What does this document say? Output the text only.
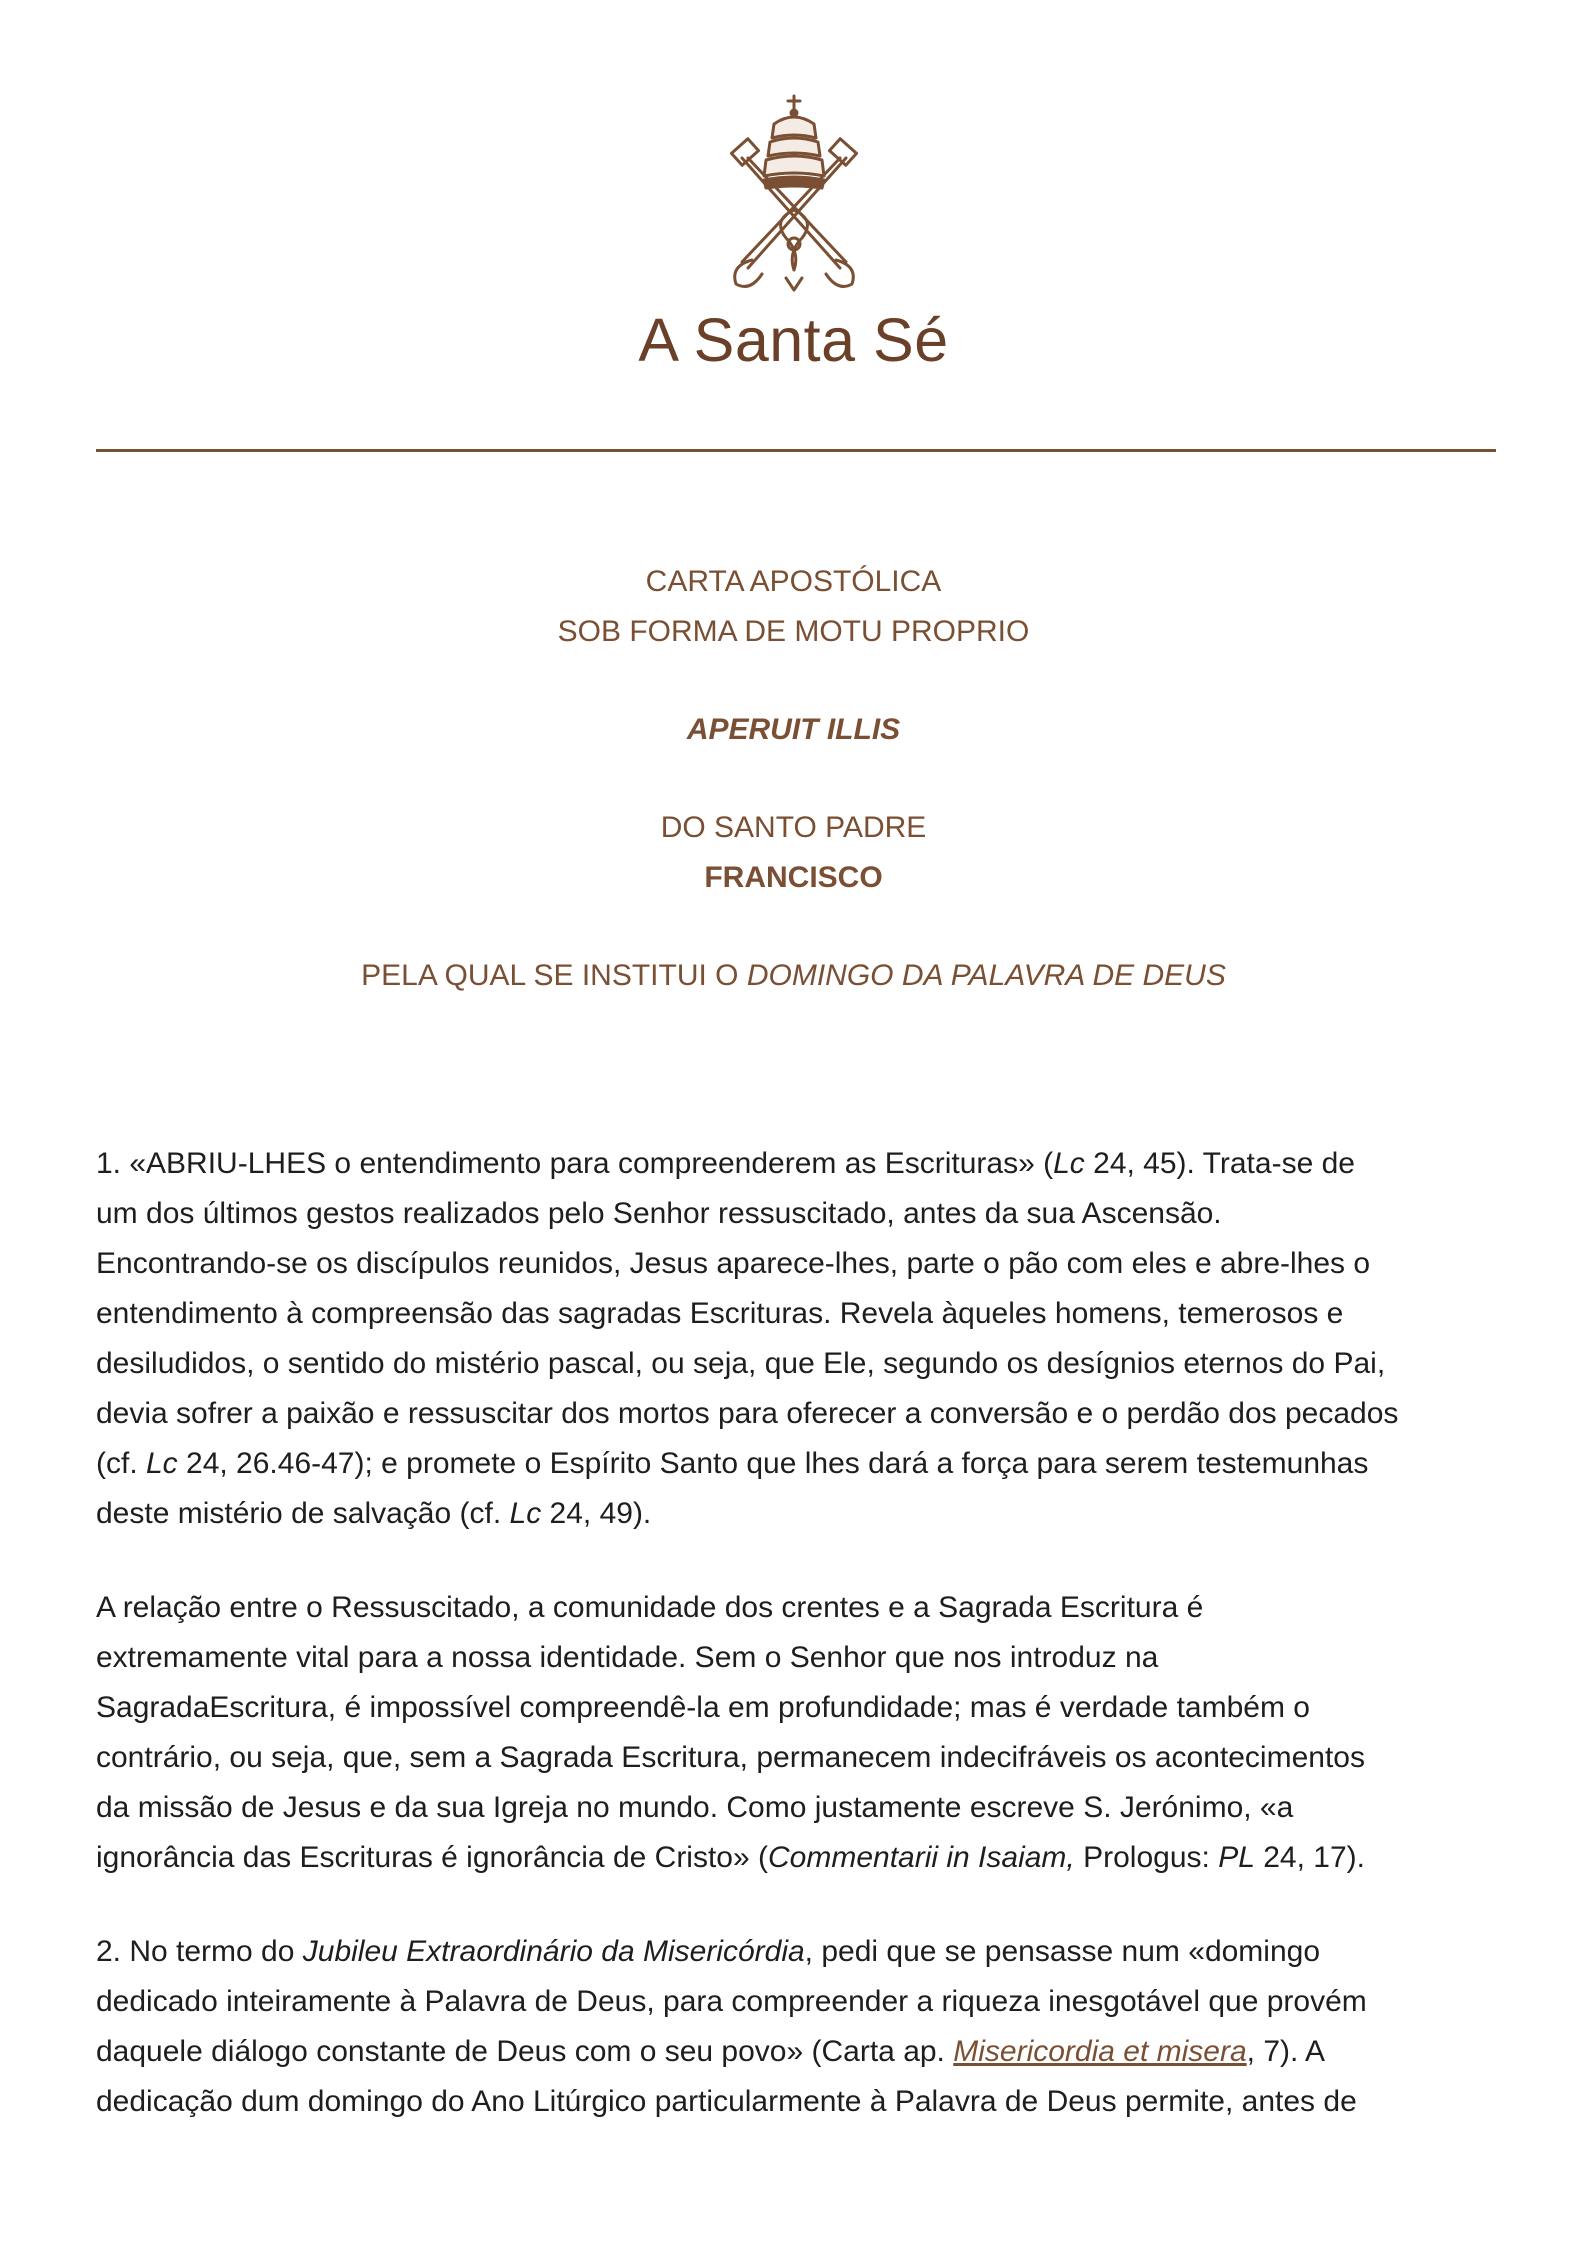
A Santa Sé
CARTA APOSTÓLICA
SOB FORMA DE MOTU PROPRIO
APERUIT ILLIS
DO SANTO PADRE
FRANCISCO
PELA QUAL SE INSTITUI O DOMINGO DA PALAVRA DE DEUS
1. «ABRIU-LHES o entendimento para compreenderem as Escrituras» (Lc 24, 45). Trata-se de
um dos últimos gestos realizados pelo Senhor ressuscitado, antes da sua Ascensão.
Encontrando-se os discípulos reunidos, Jesus aparece-lhes, parte o pão com eles e abre-lhes o
entendimento à compreensão das sagradas Escrituras. Revela àqueles homens, temerosos e
desiludidos, o sentido do mistério pascal, ou seja, que Ele, segundo os desígnios eternos do Pai,
devia sofrer a paixão e ressuscitar dos mortos para oferecer a conversão e o perdão dos pecados
(cf. Lc 24, 26.46-47); e promete o Espírito Santo que lhes dará a força para serem testemunhas
deste mistério de salvação (cf. Lc 24, 49).
A relação entre o Ressuscitado, a comunidade dos crentes e a Sagrada Escritura é
extremamente vital para a nossa identidade. Sem o Senhor que nos introduz na
SagradaEscritura, é impossível compreendê-la em profundidade; mas é verdade também o
contrário, ou seja, que, sem a Sagrada Escritura, permanecem indecifráveis os acontecimentos
da missão de Jesus e da sua Igreja no mundo. Como justamente escreve S. Jerónimo, «a
ignorância das Escrituras é ignorância de Cristo» (Commentarii in Isaiam, Prologus: PL 24, 17).
2. No termo do Jubileu Extraordinário da Misericórdia, pedi que se pensasse num «domingo
dedicado inteiramente à Palavra de Deus, para compreender a riqueza inesgotável que provém
daquele diálogo constante de Deus com o seu povo» (Carta ap. Misericordia et misera, 7). A
dedicação dum domingo do Ano Litúrgico particularmente à Palavra de Deus permite, antes de
